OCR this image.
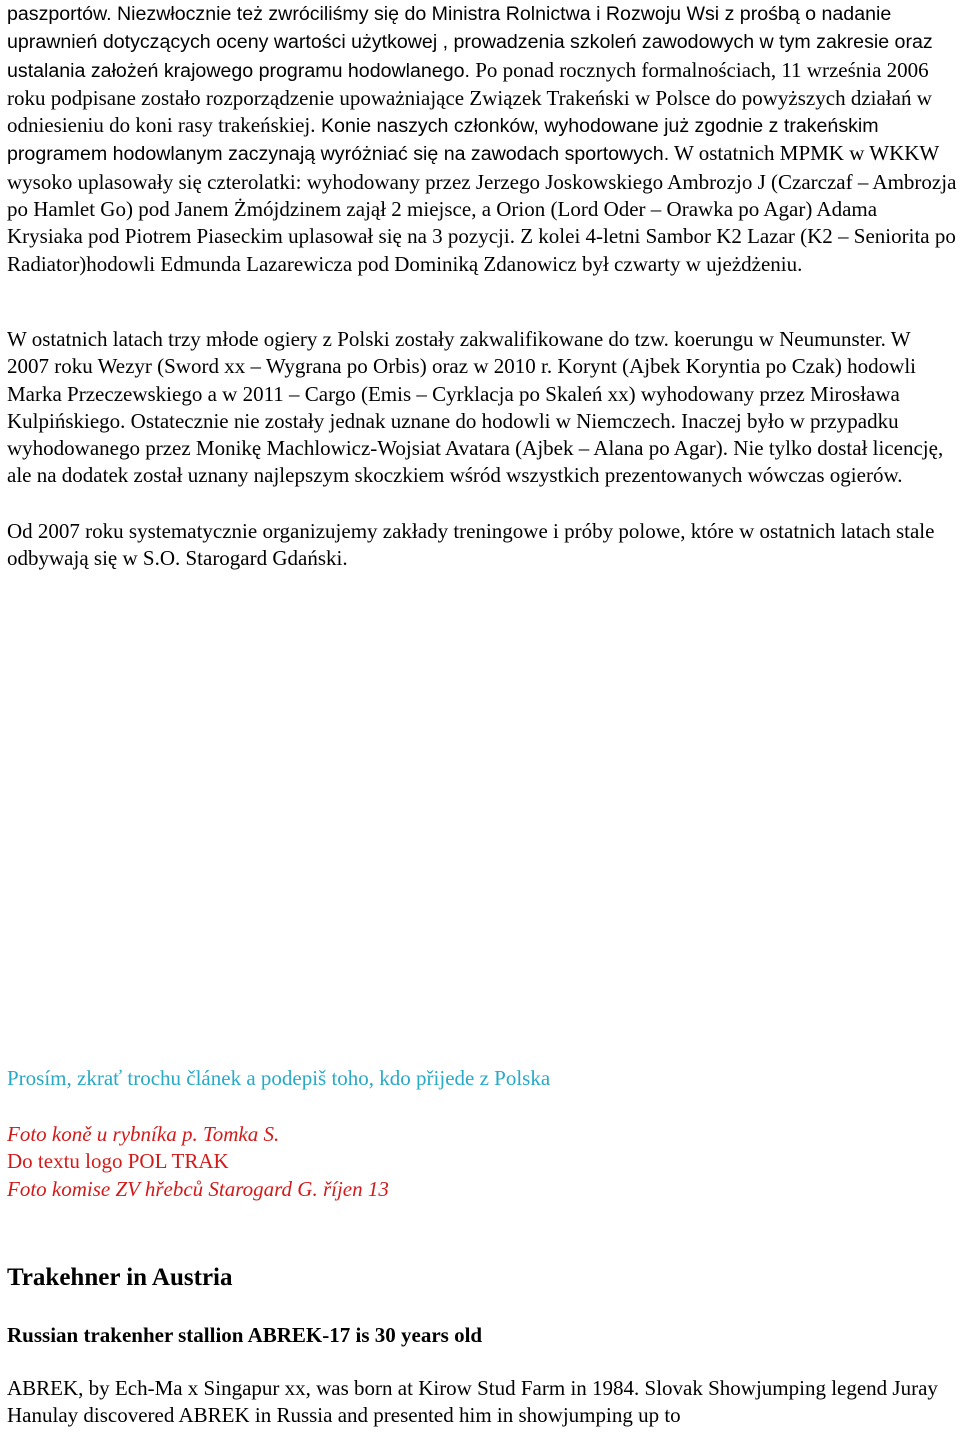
paszportów. Niezwłocznie też zwróciliśmy się do Ministra Rolnictwa i Rozwoju Wsi z prośbą o nadanie uprawnień dotyczących oceny wartości użytkowej , prowadzenia szkoleń zawodowych w tym zakresie oraz ustalania założeń krajowego programu hodowlanego. Po ponad rocznych formalnościach, 11 września 2006 roku podpisane zostało rozporządzenie upoważniające Związek Trakeński w Polsce do powyższych działań w odniesieniu do koni rasy trakeńskiej. Konie naszych członków, wyhodowane już zgodnie z trakeńskim programem hodowlanym zaczynają wyróżniać się na zawodach sportowych. W ostatnich MPMK w WKKW wysoko uplasowały się czterolatki: wyhodowany przez Jerzego Joskowskiego Ambrozjo J (Czarczaf – Ambrozja po Hamlet Go) pod Janem Żmójdzinem zajął 2 miejsce, a Orion (Lord Oder – Orawka po Agar) Adama Krysiaka pod Piotrem Piaseckim uplasował się na 3 pozycji. Z kolei 4-letni Sambor K2 Lazar (K2 – Seniorita po Radiator)hodowli Edmunda Lazarewicza pod Dominiką Zdanowicz był czwarty w ujeżdżeniu.

W ostatnich latach trzy młode ogiery z Polski zostały zakwalifikowane do tzw. koerungu w Neumunster. W 2007 roku Wezyr (Sword xx – Wygrana po Orbis) oraz w 2010 r. Korynt (Ajbek Koryntia po Czak) hodowli Marka Przeczewskiego a w 2011 – Cargo (Emis – Cyrklacja po Skaleń xx) wyhodowany przez Mirosława Kulpińskiego. Ostatecznie nie zostały jednak uznane do hodowli w Niemczech. Inaczej było w przypadku wyhodowanego przez Monikę Machlowicz-Wojsiat Avatara (Ajbek – Alana po Agar). Nie tylko dostał licencję, ale na dodatek został uznany najlepszym skoczkiem wśród wszystkich prezentowanych wówczas ogierów.

Od 2007 roku systematycznie organizujemy zakłady treningowe i próby polowe, które w ostatnich latach stale odbywają się w S.O. Starogard Gdański.

Prosím, zkrať trochu článek a podepiš toho, kdo přijede z Polska

Foto koně u rybníka p. Tomka S.
Do textu logo POL TRAK
Foto komise ZV hřebců Starogard G. říjen 13
Trakehner in Austria
Russian trakenher stallion ABREK-17 is 30 years old

ABREK, by Ech-Ma x Singapur xx, was born at Kirow Stud Farm in 1984. Slovak Showjumping legend Juray Hanulay discovered ABREK in Russia and presented him in showjumping up to
